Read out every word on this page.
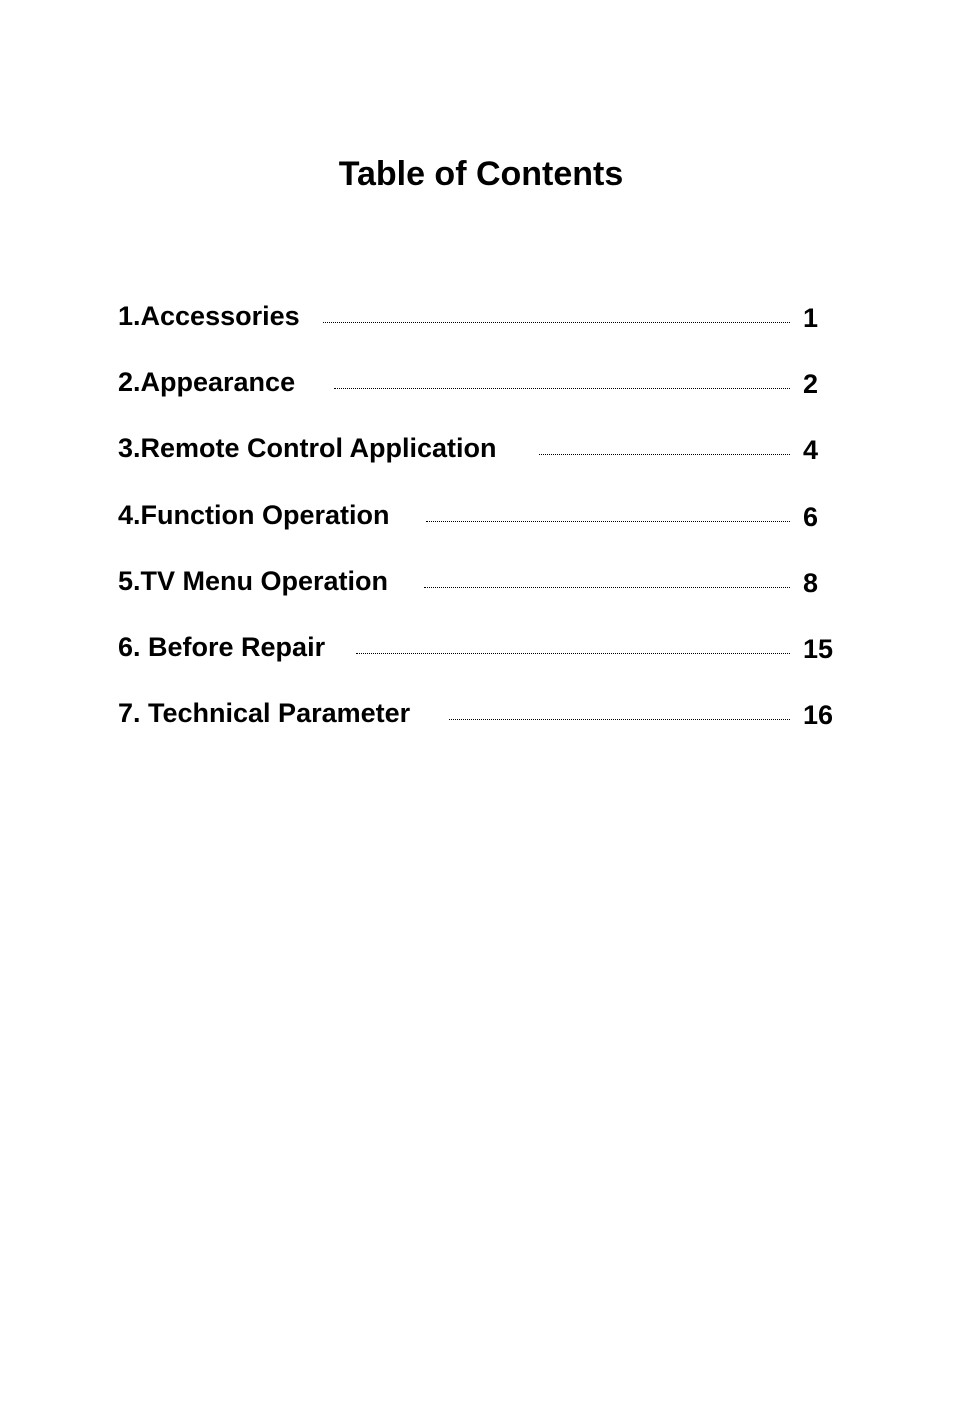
Table of Contents
1.Accessories	1
2.Appearance	2
3.Remote Control Application	4
4.Function Operation	6
5.TV Menu Operation	8
6. Before Repair	15
7. Technical Parameter	16
